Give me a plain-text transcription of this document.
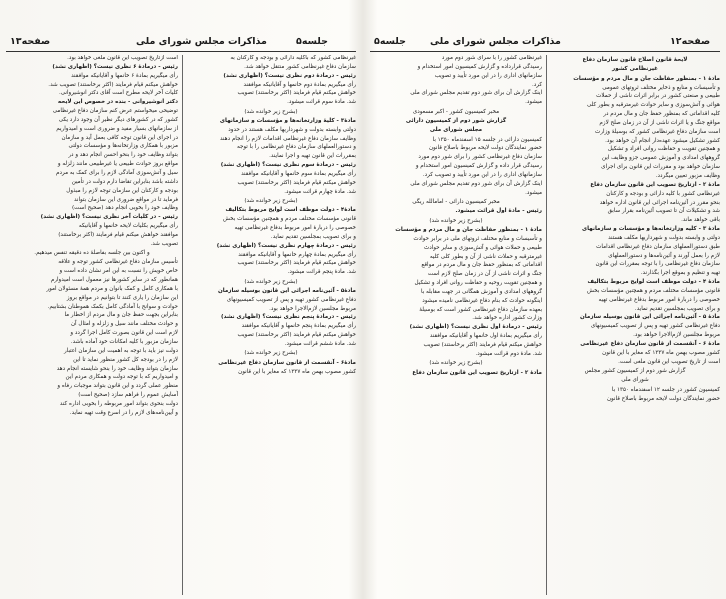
صفحه۱۳	مذاکرات مجلس شورای ملی	جلسه۵

است ازتاریخ تصویب این قانون ملغی خواهد بود.

رئیس - درمادهٔ ۶ نظری نیست؟ (اظهاری نشد)

رأی میگیریم بمادهٔ ۶ خانمها و آقایانیکه موافقند

خواهش میکنم قیام فرمایند (اکثر برخاستند) تصویب شد.

کلیات آخر لایحه مطرح است آقای دکتر انوشیروانی.

دکتر انوشیروانی - بنده در خصوص این لایحه

توضیحی میخواستم عرض کنم سازمان دفاع غیرنظامی

کشور که در کشورهای دیگر نظیر آن وجود دارد یکی

از سازمانهای بسیار مفید و ضروری است و امیدواریم

در اجرای این قانون توجه کافی بعمل آید و سازمان

مزبور با همکاری وزارتخانه‌ها و مؤسسات دولتی

بتواند وظایف خود را بنحو احسن انجام دهد و در

مواقع بروز حوادث طبیعی یا غیرطبیعی مانند زلزله و

سیل و آتش‌سوزی آمادگی لازم را برای کمک به مردم

داشته باشد بنابراین تقاضا دارم دولت در تأمین

بودجه و کارکنان این سازمان توجه لازم را مبذول

فرماید تا در مواقع ضروری این سازمان بتواند

وظایف خود را بخوبی انجام دهد (صحیح است)

رئیس - در کلیات آخر نظری نیست؟ (اظهاری نشد)

رأی میگیریم بکلیات لایحه خانمها و آقایانیکه

موافقند خواهش میکنم قیام فرمایند (اکثر برخاستند)

تصویب شد.

و اکنون بین جلسه بفاصلهٔ ده دقیقه تنفس میدهیم.

تأسیس سازمان دفاع غیرنظامی کشور توجه و علاقه

خاص خویش را نسبت به این امر نشان داده است و

همانطور که در سایر کشورها نیز معمول است امیدوارم

با همکاری کامل و کمک بانوان و مردم همهٔ مسئولان امور

این سازمان را یاری کنند تا بتوانیم در مواقع بروز

حوادث و سوانح با آمادگی کامل بکمک هموطنان بشتابیم.

بنابراین بجهت حفظ جان و مال مردم از اخطار ما

و حوادث مختلف مانند سیل و زلزله و امثال آن

لازم است این قانون بصورت کامل اجرا گردد و

سازمان مزبور با کلیه امکانات خود آماده باشد.

دولت نیز باید با توجه به اهمیت این سازمان اعتبار

لازم را در بودجه کل کشور منظور نماید تا این

سازمان بتواند وظایف خود را بنحو شایسته انجام دهد

و امیدواریم که با توجه دولت و همکاری مردم این

منظور عملی گردد و این قانون بتواند موجبات رفاه و

آسایش عموم را فراهم سازد (صحیح است)

دولت بنحوی بتواند امور مربوطه را بخوبی اداره کند

و آیین‌نامه‌های لازم را در اسرع وقت تهیه نماید.

غیرنظامی کشور که باکلیه دارائی و بودجه و کارکنان به

سازمان دفاع غیرنظامی کشور منتقل خواهد شد.

رئیس - درمادهٔ دوم نظری نیست؟ (اظهاری نشد)

رأی میگیریم بمادهٔ دوم خانمها و آقایانیکه موافقند

خواهش میکنم قیام فرمایند (اکثر برخاستند) تصویب

شد. مادهٔ سوم قرائت میشود.

(بشرح زیر خوانده شد)

مادهٔ۳ - کلیهٔ وزارتخانه‌ها و مؤسسات و سازمانهای

دولتی وابسته بدولت و شهرداریها مکلف هستند در حدود

وظایف سازمان دفاع غیرنظامی اقدامات لازم را انجام دهند

و دستورالعملهای سازمان دفاع غیرنظامی را با توجه

بمقررات این قانون تهیه و اجرا نمایند.

رئیس - درمادهٔ سوم نظری نیست؟ (اظهاری نشد)

رأی میگیریم بمادهٔ سوم خانمها و آقایانیکه موافقند

خواهش میکنم قیام فرمایند (اکثر برخاستند) تصویب

شد. مادهٔ چهارم قرائت میشود.

(بشرح زیر خوانده شد)

مادهٔ۴ - دولت موظف است لوایح مربوط بتکالیف

قانونی مؤسسات مختلف مردم و همچنین مؤسسات بخش

خصوصی را دربارهٔ امور مربوط بدفاع غیرنظامی تهیه

و برای تصویب بمجلسین تقدیم نماید.

رئیس - درمادهٔ چهارم نظری نیست؟ (اظهاری نشد)

رأی میگیریم بمادهٔ چهارم خانمها و آقایانیکه موافقند

خواهش میکنم قیام فرمایند (اکثر برخاستند) تصویب

شد. مادهٔ پنجم قرائت میشود.

(بشرح زیر خوانده شد)

مادهٔ۵ - آئین‌نامه اجرائی این قانون بوسیله سازمان

دفاع غیرنظامی کشور تهیه و پس از تصویب کمیسیونهای

مربوط مجلسین لازم‌الاجرا خواهد بود.

رئیس - درمادهٔ پنجم نظری نیست؟ (اظهاری نشد)

رأی میگیریم بمادهٔ پنجم خانمها و آقایانیکه موافقند

خواهش میکنم قیام فرمایند (اکثر برخاستند) تصویب

شد. مادهٔ ششم قرائت میشود.

(بشرح زیر خوانده شد)

مادهٔ۶ - آنقسمت از قانون سازمان دفاع غیرنظامی

کشور مصوب بهمن ماه ۱۳۳۷ که مغایر با این قانون

جلسه۵	مذاکرات مجلس شورای ملی	صفحه۱۲

غیرنظامی کشور را با سرای شور دوم مورد

رسیدگی قرارداده و گزارش کمیسیون امور استخدام و

سازمانهای اداری را در این مورد تأیید و تصویب

کرد.

اینک گزارش آن برای شور دوم تقدیم مجلس شورای ملی

میشود.

مخبر کمیسیون کشور - اکبر مسعودی

گزارش شور دوم از کمیسیون دارائی

مجلس شورای ملی

کمیسیون دارائی در جلسه ۱۵ اسفندماه ۱۳۵۰ با

حضور نمایندگان دولت لایحه مربوط باصلاح قانون

سازمان دفاع غیرنظامی کشور را برای شور دوم مورد

رسیدگی قرار داده و گزارش کمیسیون امور استخدام و

سازمانهای اداری را در این مورد تأیید و تصویب کرد.

اینک گزارش آن برای شور دوم تقدیم مجلس شورای ملی

میشود.

مخبر کمیسیون دارائی - امامالله ریگی

رئیس - مادهٔ اول قرائت میشود.

(بشرح زیر خوانده شد)

مادهٔ ۱ - بمنظور حفاظت جان و مال مردم و مؤسسات

و تأسیسات و منابع مختلف ثروتهای ملی در برابر حوادث

طبیعی و حملات هوائی و آتش‌سوزی و سایر حوادث

غیرمترقبه و حملات ناشی از آن و بطور کلی کلیه

اقداماتی که بمنظور حفظ جان و مال مردم در مواقع

جنگ و اثرات ناشی از آن در زمان صلح لازم است

و همچنین تقویت روحیه و حفاظت روانی افراد و تشکیل

گروههای امدادی و آموزش همگانی در جهت مقابله با

اینگونه حوادث که بنام دفاع غیرنظامی نامیده میشود

بعهده سازمان دفاع غیرنظامی کشور است که بوسیلهٔ

وزارت کشور اداره خواهد شد.

رئیس - درمادهٔ اول نظری نیست؟ (اظهاری نشد)

رأی میگیریم بمادهٔ اول خانمها و آقایانیکه موافقند

خواهش میکنم قیام فرمایند (اکثر برخاستند) تصویب

شد. مادهٔ دوم قرائت میشود.

(بشرح زیر خوانده شد)

مادهٔ ۲ - ازتاریخ تصویب این قانون سازمان دفاع

لایحهٔ قانون اصلاح قانون سازمان دفاع

غیرنظامی کشور

مادهٔ ۱ - بمنظور حفاظت جان و مال مردم و مؤسسات

و تأسیسات و منابع و ذخایر مختلف ثروتهای عمومی

طبیعی و صنعتی کشور در برابر اثرات ناشی از حملات

هوائی و آتش‌سوزی و سایر حوادث غیرمترقبه و بطور کلی

کلیه اقداماتی که بمنظور حفظ جان و مال مردم در

مواقع جنگ و یا اثرات ناشی از آن در زمان صلح لازم

است سازمان دفاع غیرنظامی کشور که بوسیلهٔ وزارت

کشور تشکیل میشود عهده‌دار انجام آن خواهد بود.

و همچنین تقویت و حفاظت روانی افراد و تشکیل

گروههای امدادی و آموزش عمومی جزو وظایف این

سازمان خواهد بود و مقررات این قانون برای اجرای

وظایف مزبور تعیین میگردد.

مادهٔ ۲ - ازتاریخ تصویب این قانون سازمان دفاع

غیرنظامی کشور با کلیه دارائی و بودجه و کارکنان

بنحو مقرر در آئین‌نامه اجرائی این قانون اداره خواهد

شد و تشکیلات آن تا تصویب آئین‌نامه بقرار سابق

باقی خواهد ماند.

مادهٔ ۳ - کلیه وزارتخانه‌ها و مؤسسات و سازمانهای

دولتی و وابسته بدولت و شهرداریها مکلف هستند

طبق دستورالعملهای سازمان دفاع غیرنظامی اقدامات

لازم را بعمل آورند و آئین‌نامه‌ها و دستورالعملهای

سازمان دفاع غیرنظامی را با توجه بمقررات این قانون

تهیه و تنظیم و بموقع اجرا بگذارند.

مادهٔ ۴ - دولت موظف است لوایح مربوط بتکالیف

قانونی مؤسسات مختلف مردم و همچنین مؤسسات بخش

خصوصی را دربارهٔ امور مربوط بدفاع غیرنظامی تهیه

و برای تصویب بمجلسین تقدیم نماید.

مادهٔ ۵ - آئین‌نامه اجرائی این قانون بوسیله سازمان

دفاع غیرنظامی کشور تهیه و پس از تصویب کمیسیونهای

مربوط مجلسین لازم‌الاجرا خواهد بود.

مادهٔ ۶ - آنقسمت از قانون سازمان دفاع غیرنظامی

کشور مصوب بهمن ماه ۱۳۳۷ که مغایر با این قانون

است از تاریخ تصویب این قانون ملغی است.

گزارش شور دوم از کمیسیون کشور مجلس

شورای ملی

کمیسیون کشور در جلسه ۱۲ اسفندماه ۱۳۵۰ با

حضور نمایندگان دولت لایحه مربوط باصلاح قانون
